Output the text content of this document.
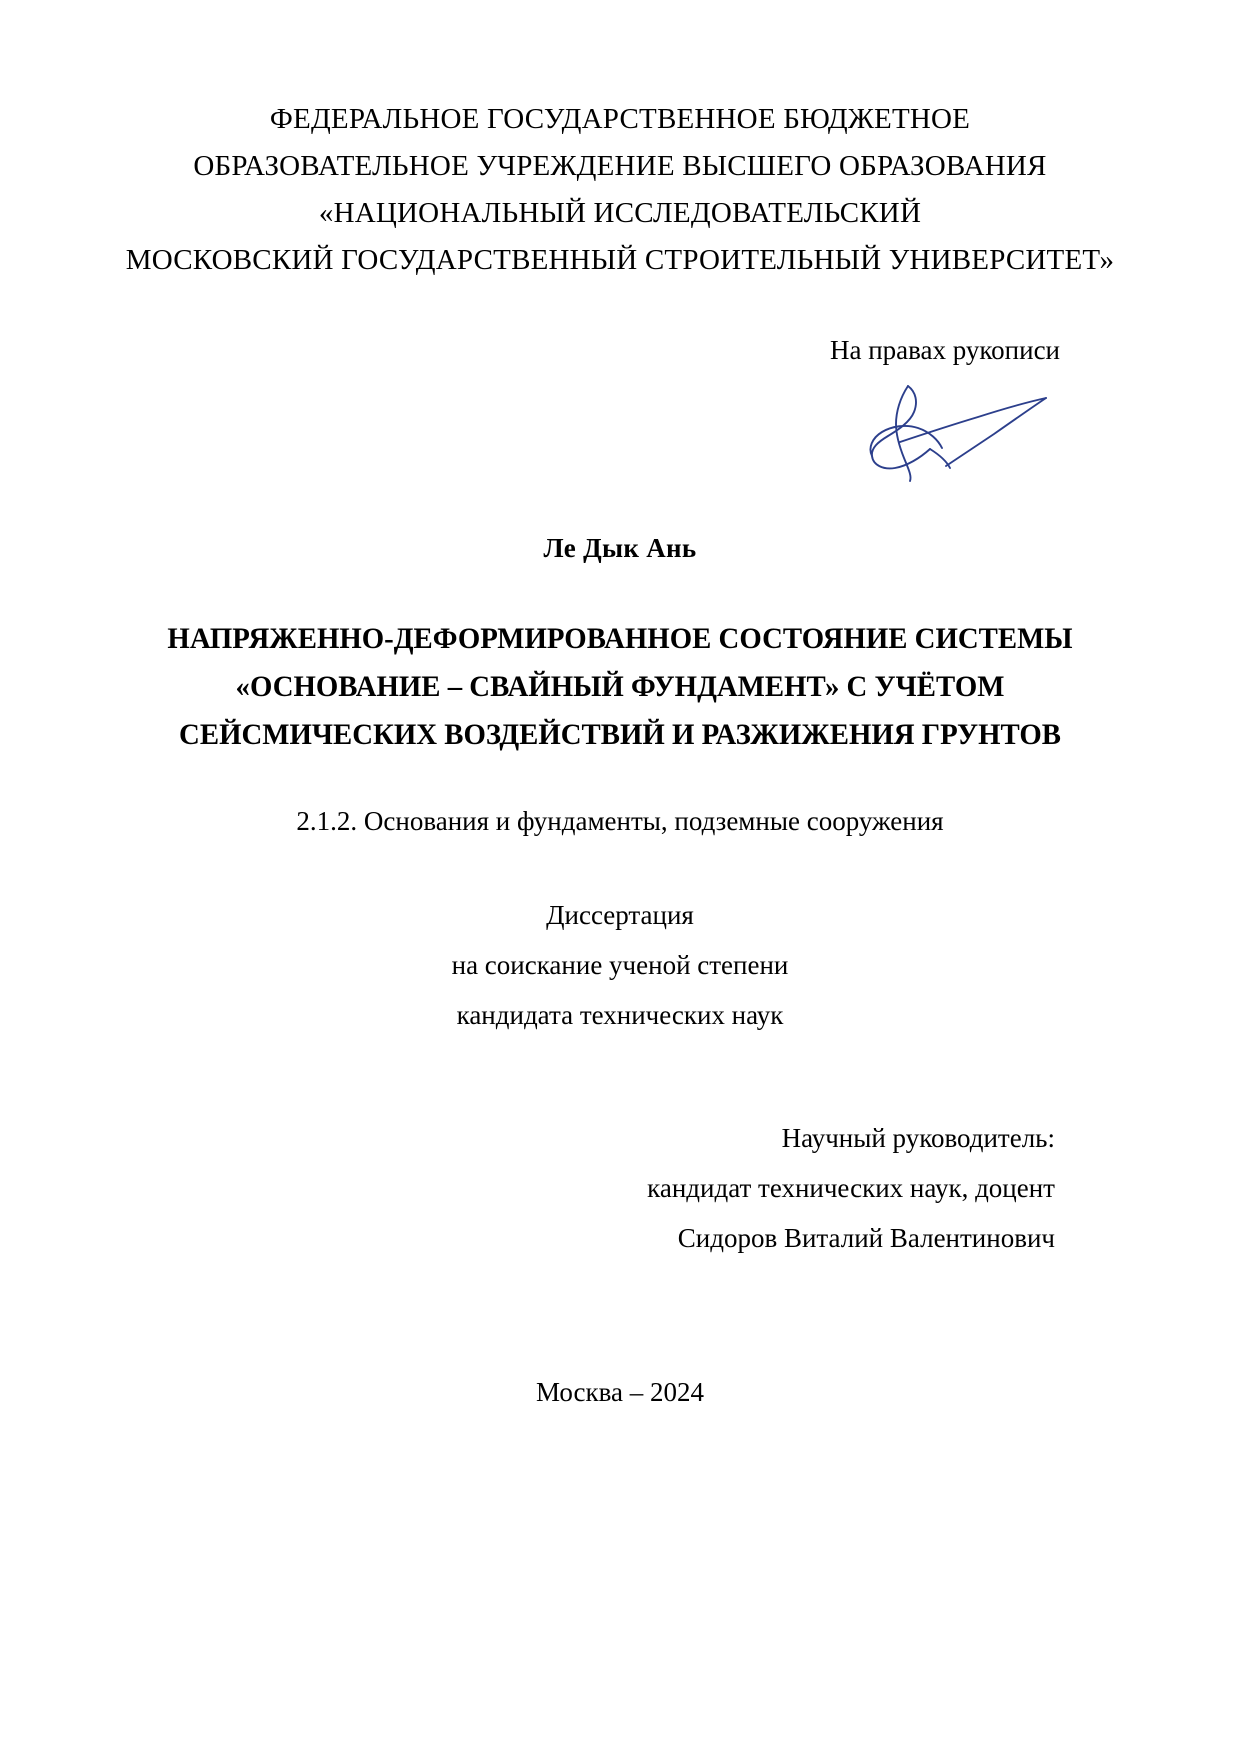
ФЕДЕРАЛЬНОЕ ГОСУДАРСТВЕННОЕ БЮДЖЕТНОЕ
ОБРАЗОВАТЕЛЬНОЕ УЧРЕЖДЕНИЕ ВЫСШЕГО ОБРАЗОВАНИЯ
«НАЦИОНАЛЬНЫЙ ИССЛЕДОВАТЕЛЬСКИЙ
МОСКОВСКИЙ ГОСУДАРСТВЕННЫЙ СТРОИТЕЛЬНЫЙ УНИВЕРСИТЕТ»
На правах рукописи
Ле Дык Ань
НАПРЯЖЕННО-ДЕФОРМИРОВАННОЕ СОСТОЯНИЕ СИСТЕМЫ
«ОСНОВАНИЕ – СВАЙНЫЙ ФУНДАМЕНТ» С УЧЁТОМ
СЕЙСМИЧЕСКИХ ВОЗДЕЙСТВИЙ И РАЗЖИЖЕНИЯ ГРУНТОВ
2.1.2. Основания и фундаменты, подземные сооружения
Диссертация
на соискание ученой степени
кандидата технических наук
Научный руководитель:
кандидат технических наук, доцент
Сидоров Виталий Валентинович
Москва – 2024
